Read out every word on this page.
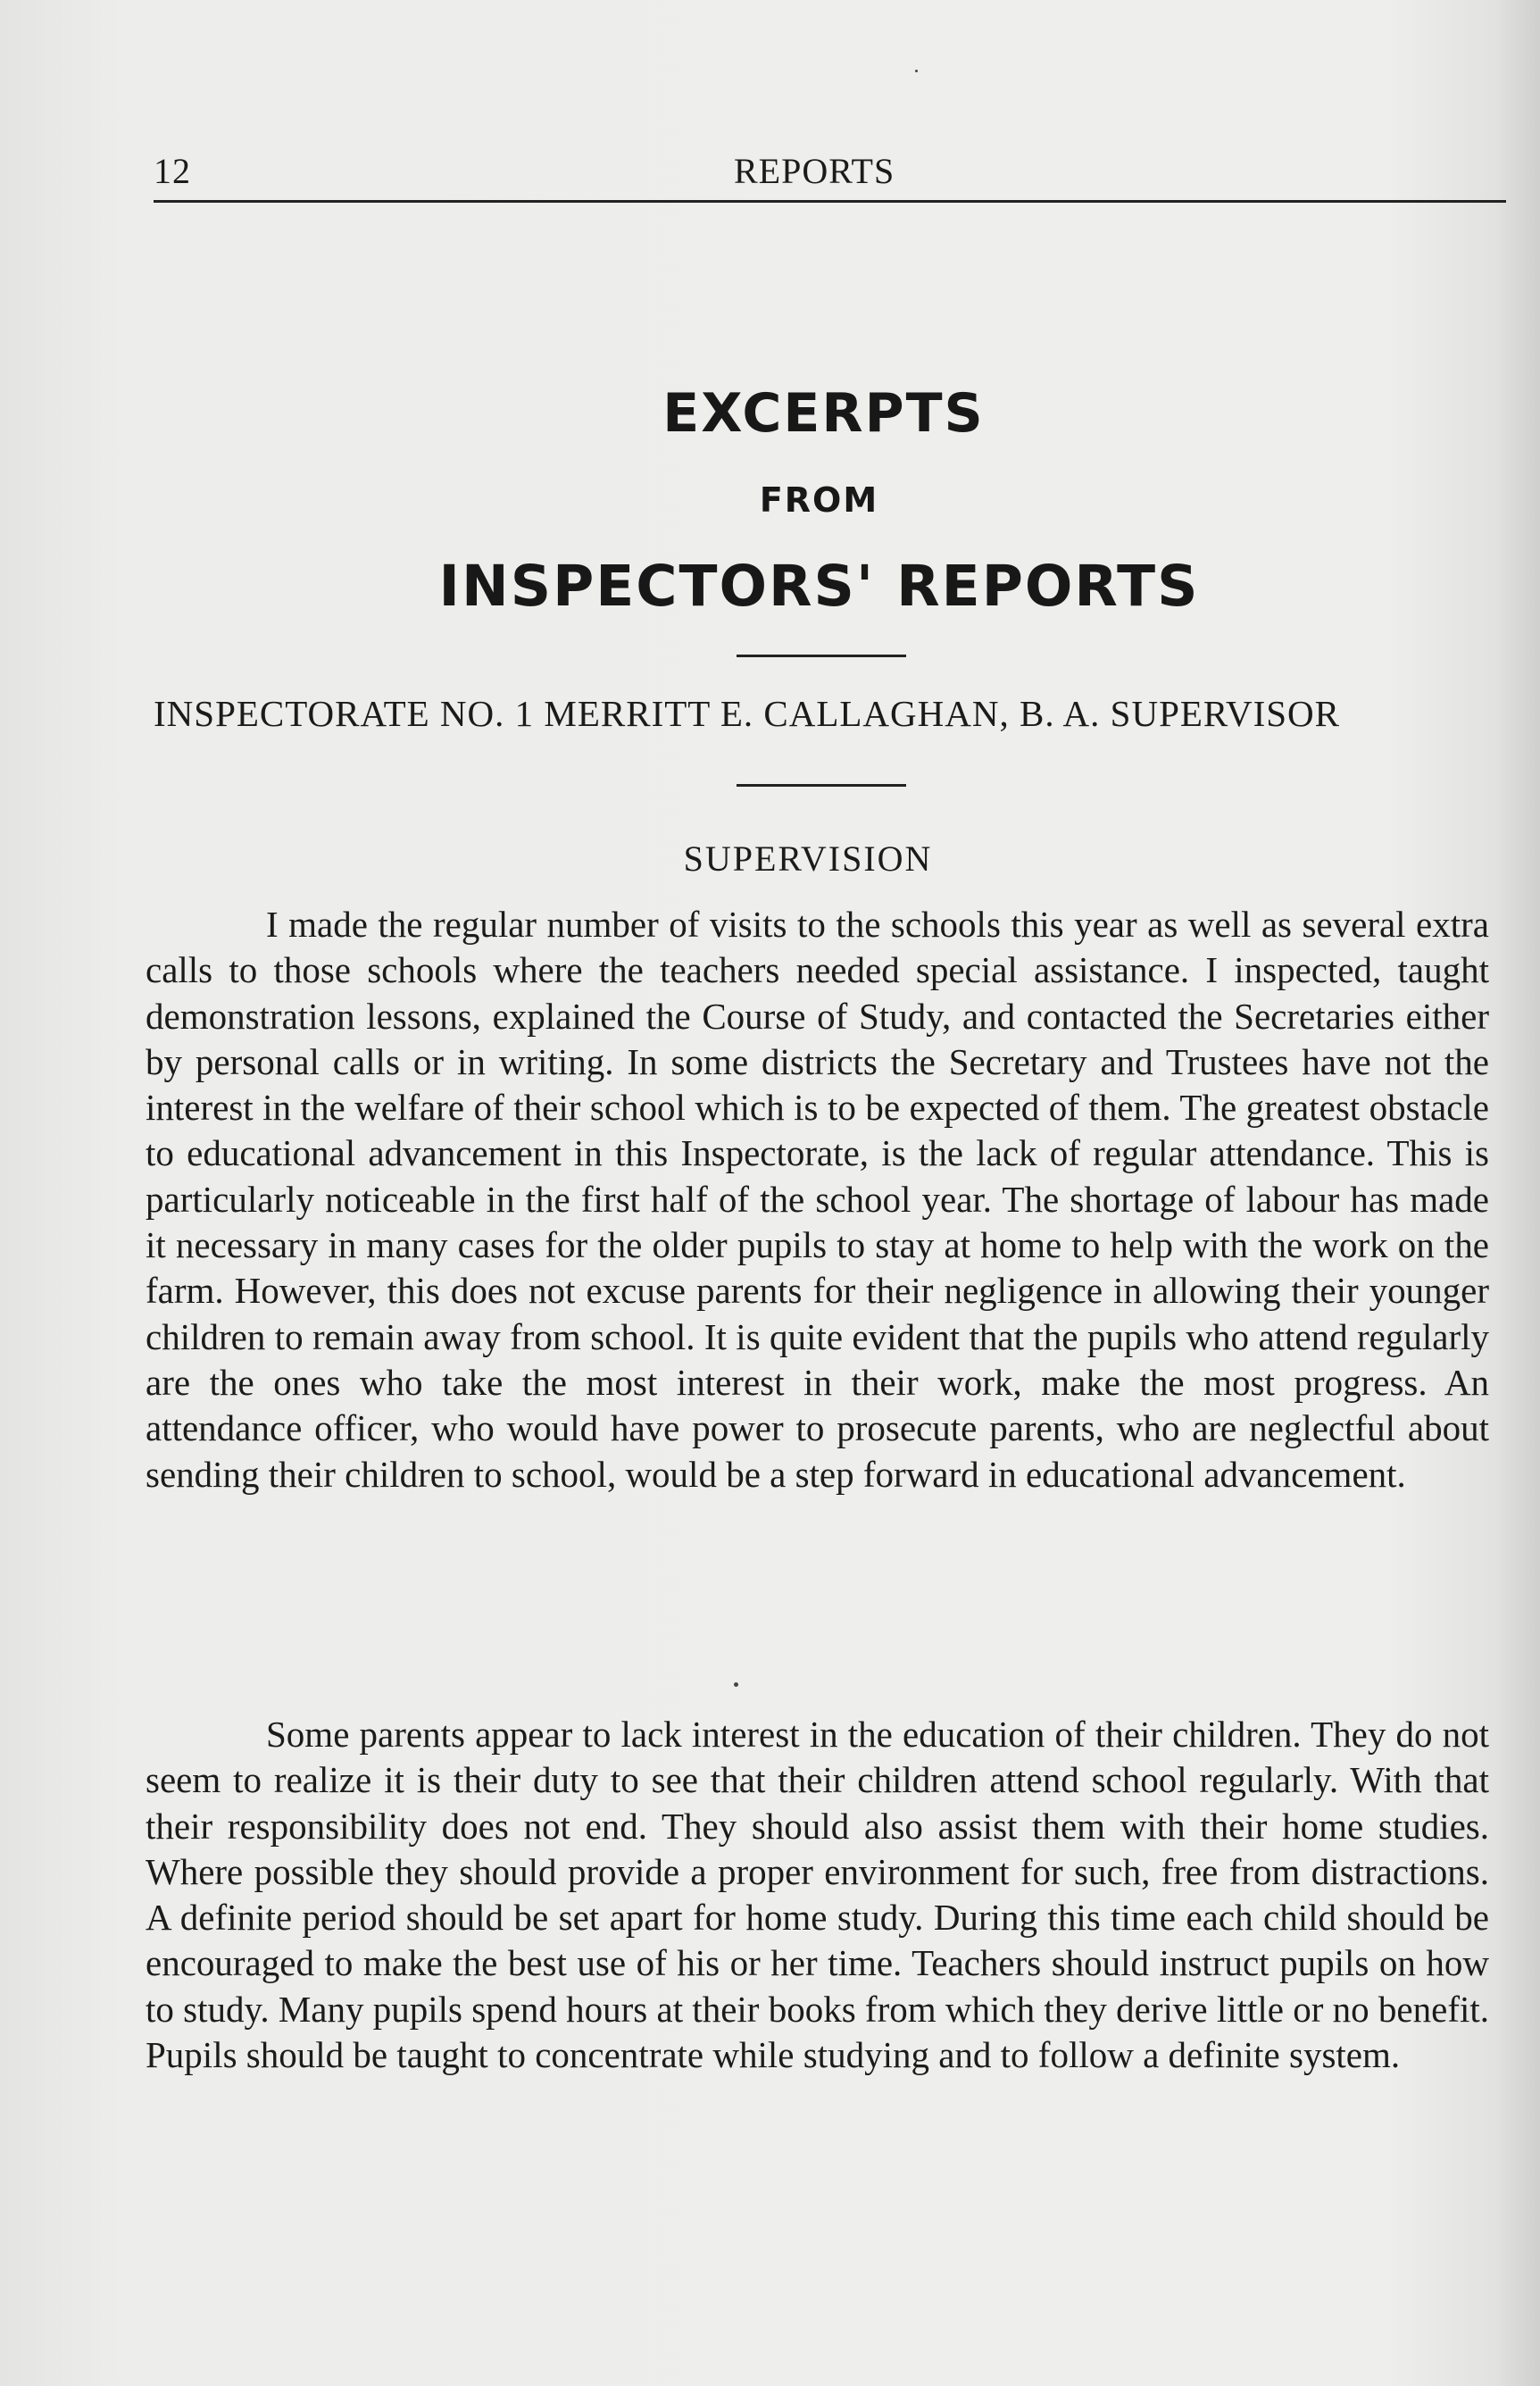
12	REPORTS
EXCERPTS
FROM
INSPECTORS' REPORTS
INSPECTORATE NO. 1 MERRITT E. CALLAGHAN, B. A. SUPERVISOR
SUPERVISION

I made the regular number of visits to the schools this year as well as several extra calls to those schools where the teachers needed special assistance. I inspected, taught demonstration lessons, explained the Course of Study, and contacted the Secretaries either by personal calls or in writing. In some districts the Secretary and Trustees have not the interest in the welfare of their school which is to be expected of them. The greatest obstacle to educational advancement in this Inspectorate, is the lack of regular attendance. This is particularly noticeable in the first half of the school year. The shortage of labour has made it necessary in many cases for the older pupils to stay at home to help with the work on the farm. However, this does not excuse parents for their negligence in allowing their younger children to remain away from school. It is quite evident that the pupils who attend regularly are the ones who take the most interest in their work, make the most progress. An attendance officer, who would have power to prosecute parents, who are neglectful about sending their children to school, would be a step forward in educational advancement.

Some parents appear to lack interest in the education of their children. They do not seem to realize it is their duty to see that their children attend school regularly. With that their responsibility does not end. They should also assist them with their home studies. Where possible they should provide a proper environment for such, free from distractions. A definite period should be set apart for home study. During this time each child should be encouraged to make the best use of his or her time. Teachers should instruct pupils on how to study. Many pupils spend hours at their books from which they derive little or no benefit. Pupils should be taught to concentrate while studying and to follow a definite system.
